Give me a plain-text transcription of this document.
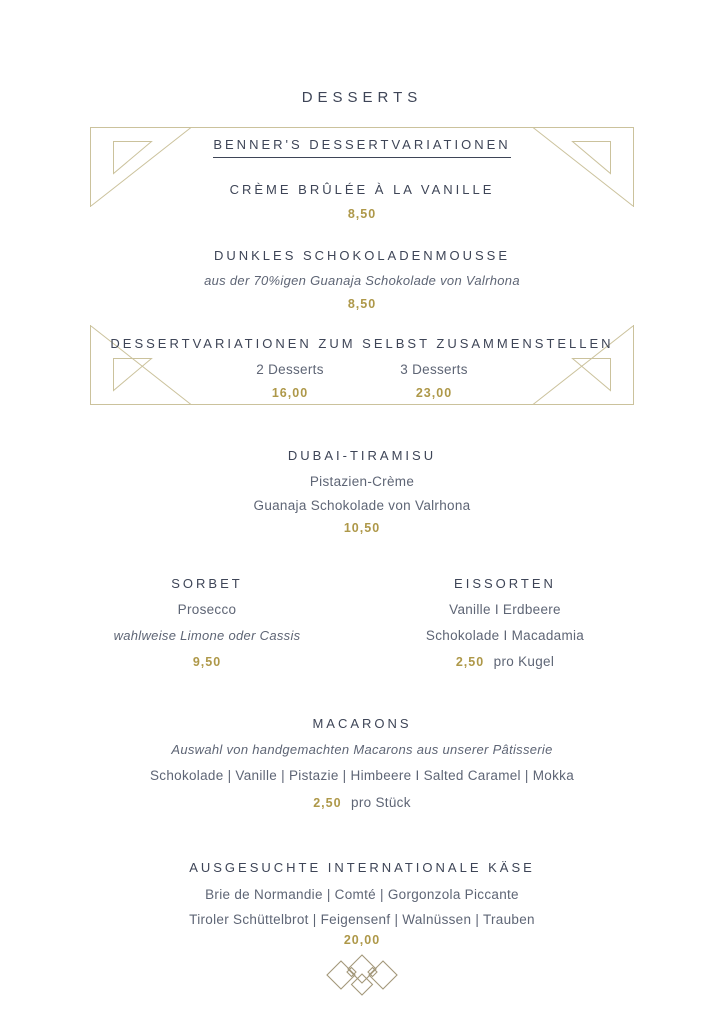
DESSERTS
BENNER'S DESSERTVARIATIONEN
CRÈME BRÛLÉE À LA VANILLE
8,50
DUNKLES SCHOKOLADENMOUSSE
aus der 70%igen Guanaja Schokolade von Valrhona
8,50
DESSERTVARIATIONEN ZUM SELBST ZUSAMMENSTELLEN
2 Desserts	3 Desserts
16,00	23,00
DUBAI-TIRAMISU
Pistazien-Crème
Guanaja Schokolade von Valrhona
10,50
SORBET
Prosecco
wahlweise Limone oder Cassis
9,50
EISSORTEN
Vanille I Erdbeere
Schokolade I Macadamia
2,50 pro Kugel
MACARONS
Auswahl von handgemachten Macarons aus unserer Pâtisserie
Schokolade | Vanille | Pistazie | Himbeere I Salted Caramel | Mokka
2,50 pro Stück
AUSGESUCHTE INTERNATIONALE KÄSE
Brie de Normandie | Comté | Gorgonzola Piccante
Tiroler Schüttelbrot | Feigensenf | Walnüssen | Trauben
20,00
